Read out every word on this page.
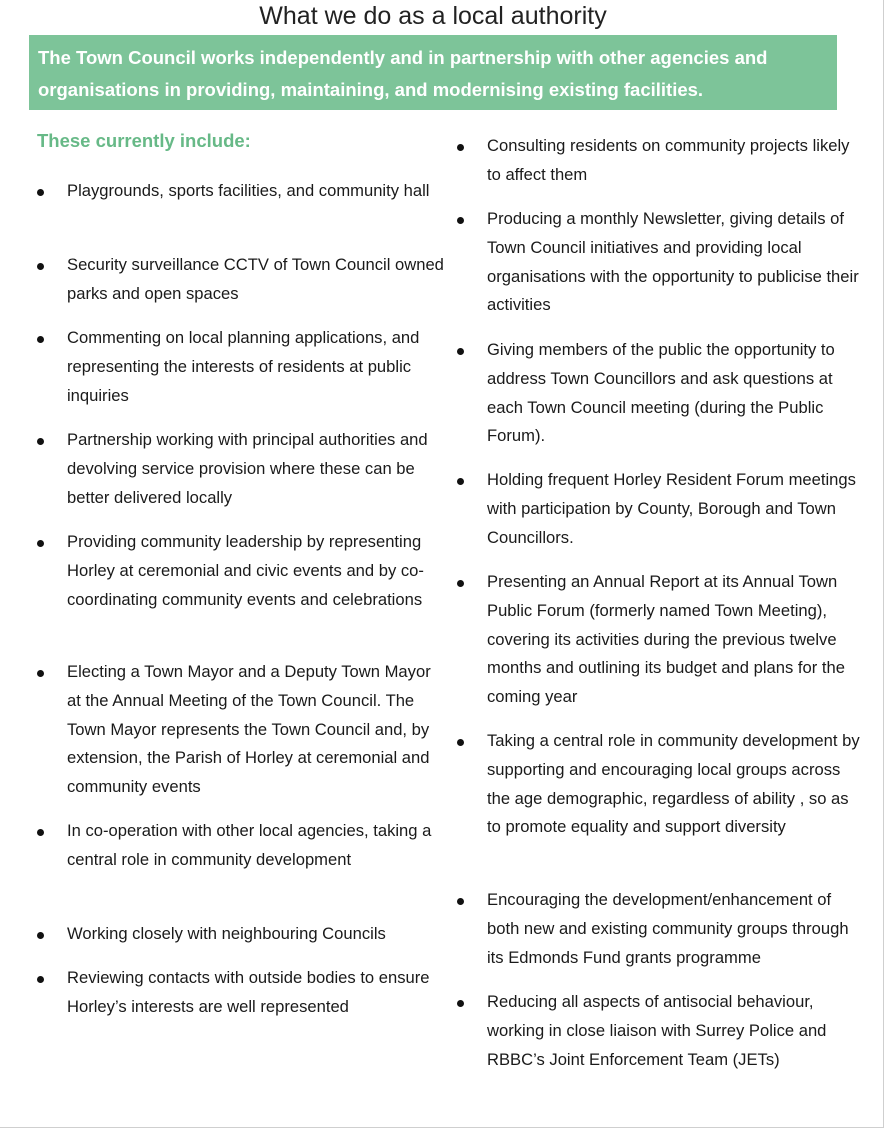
What we do as a local authority
The Town Council works independently and in partnership with other agencies and organisations in providing, maintaining, and modernising existing facilities.
These currently include:
Playgrounds, sports facilities, and community hall
Security surveillance CCTV of Town Council owned parks and open spaces
Commenting on local planning applications, and representing the interests of residents at public inquiries
Partnership working with principal authorities and devolving service provision where these can be better delivered locally
Providing community leadership by representing Horley at ceremonial and civic events and by co-coordinating community events and celebrations
Electing a Town Mayor and a Deputy Town Mayor at the Annual Meeting of the Town Council. The Town Mayor represents the Town Council and, by extension, the Parish of Horley at ceremonial and community events
In co-operation with other local agencies, taking a central role in community development
Working closely with neighbouring Councils
Reviewing contacts with outside bodies to ensure Horley’s interests are well represented
Consulting residents on community projects likely to affect them
Producing a monthly Newsletter, giving details of Town Council initiatives and providing local organisations with the opportunity to publicise their activities
Giving members of the public the opportunity to address Town Councillors and ask questions at each Town Council meeting (during the Public Forum).
Holding frequent Horley Resident Forum meetings with participation by County, Borough and Town Councillors.
Presenting an Annual Report at its Annual Town Public Forum (formerly named Town Meeting), covering its activities during the previous twelve months and outlining its budget and plans for the coming year
Taking a central role in community development by supporting and encouraging local groups across the age demographic, regardless of ability , so as to promote equality and support diversity
Encouraging the development/enhancement of both new and existing community groups through its Edmonds Fund grants programme
Reducing all aspects of antisocial behaviour, working in close liaison with Surrey Police and RBBC’s Joint Enforcement Team (JETs)
